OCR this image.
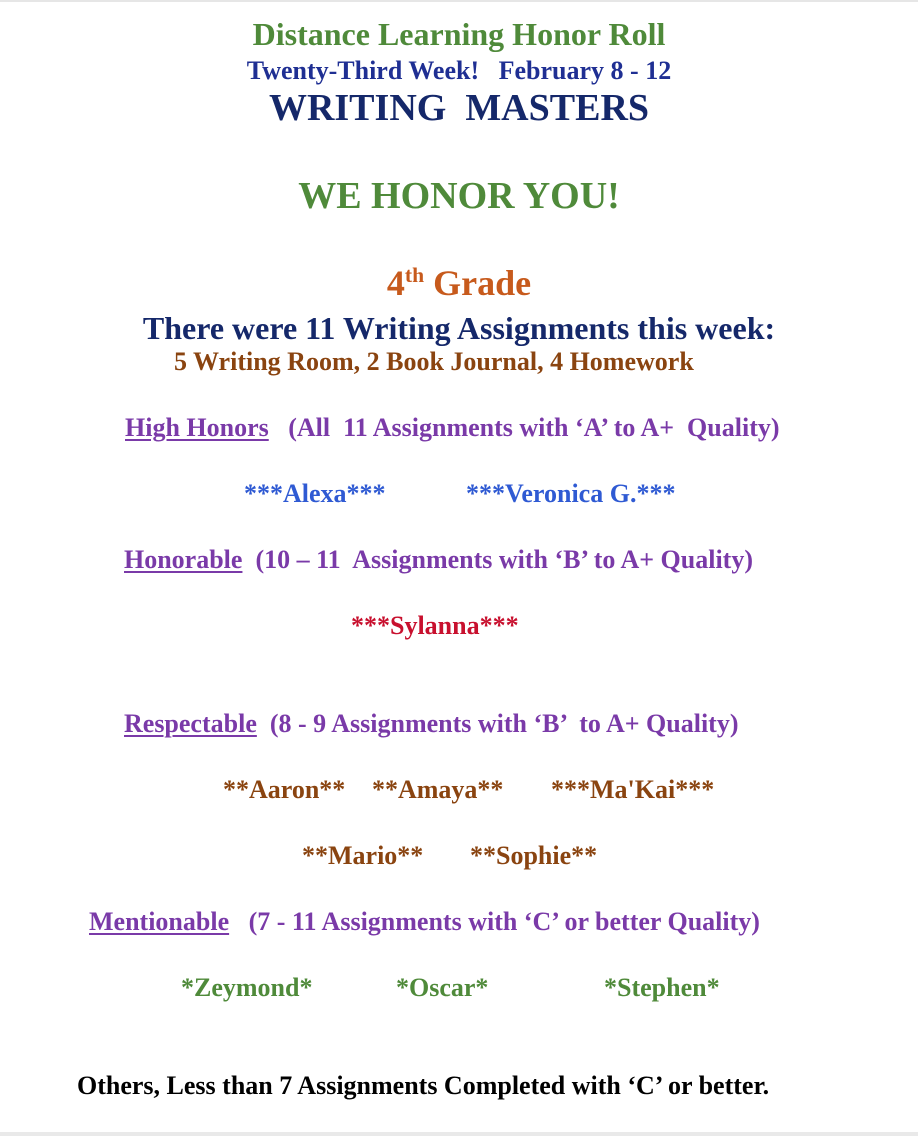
Distance Learning Honor Roll
Twenty-Third Week! February 8 - 12
WRITING  MASTERS
WE HONOR YOU!
4th Grade
There were 11 Writing Assignments this week:
5 Writing Room, 2 Book Journal, 4 Homework
High Honors (All  11 Assignments with ‘A’ to A+  Quality)
***Alexa***	***Veronica G.***
Honorable (10 – 11  Assignments with ‘B’ to A+ Quality)
***Sylanna***
Respectable (8 - 9 Assignments with ‘B’  to A+ Quality)
**Aaron** **Amaya** ***Ma'Kai***
**Mario** **Sophie**
Mentionable (7 - 11 Assignments with ‘C’ or better Quality)
*Zeymond*	*Oscar*	*Stephen*
Others, Less than 7 Assignments Completed with ‘C’ or better.
